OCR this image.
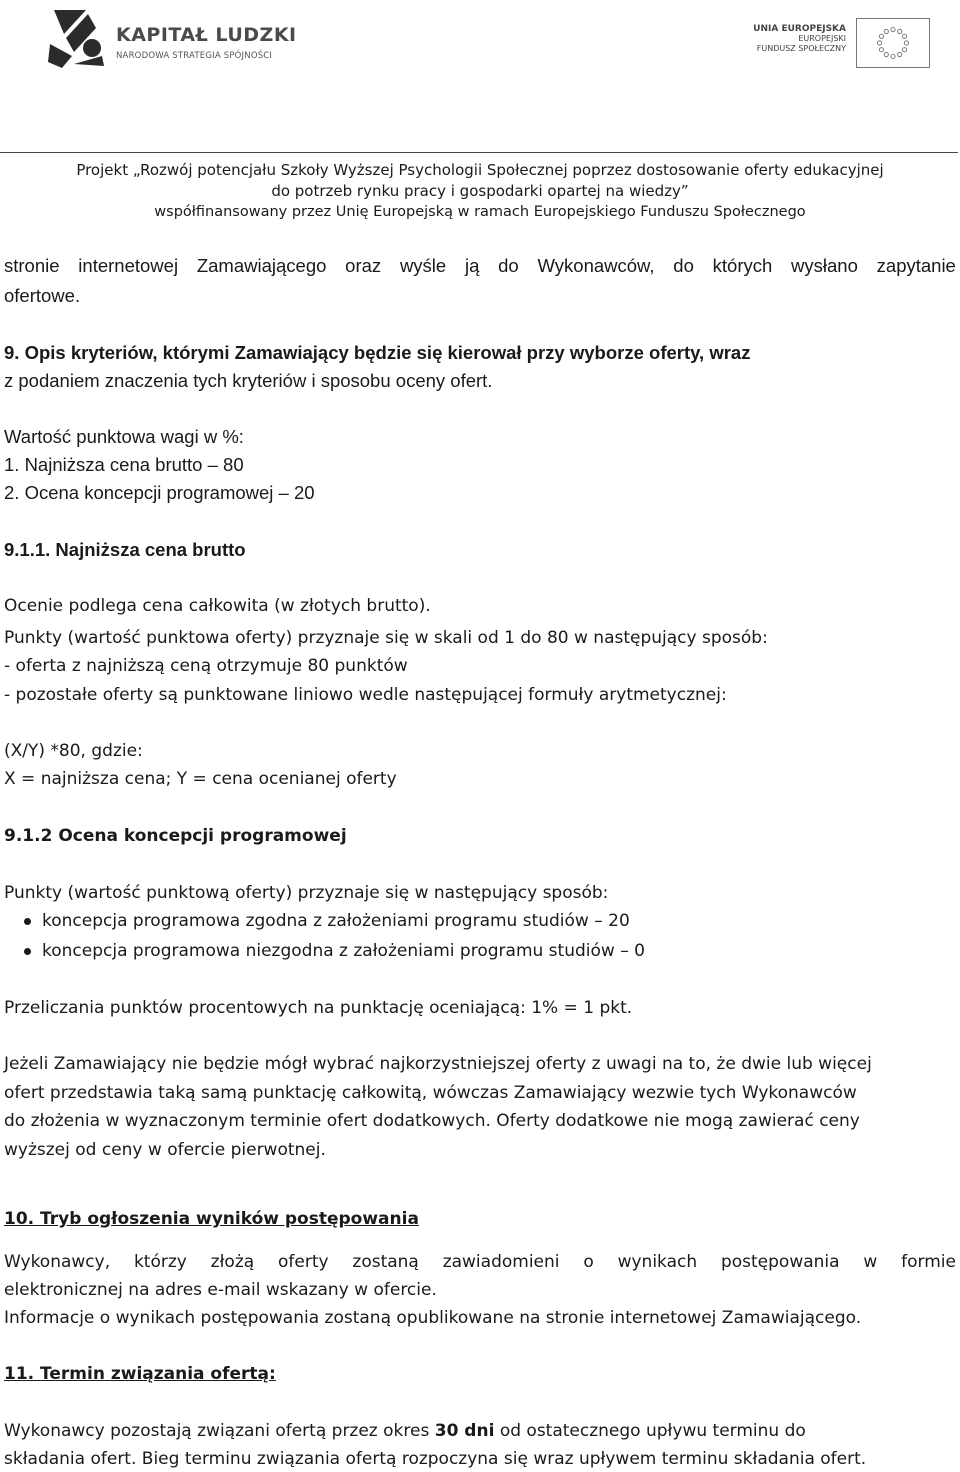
KAPITAŁ LUDZKI
NARODOWA STRATEGIA SPÓJNOŚCI
UNIA EUROPEJSKA
EUROPEJSKI
FUNDUSZ SPOŁECZNY
Projekt „Rozwój potencjału Szkoły Wyższej Psychologii Społecznej poprzez dostosowanie oferty edukacyjnej
do potrzeb rynku pracy i gospodarki opartej na wiedzy”
współfinansowany przez Unię Europejską w ramach Europejskiego Funduszu Społecznego
stronie internetowej Zamawiającego oraz wyśle ją do Wykonawców, do których wysłano zapytanie

ofertowe.

9. Opis kryteriów, którymi Zamawiający będzie się kierował przy wyborze oferty, wraz

z podaniem znaczenia tych kryteriów i sposobu oceny ofert.

Wartość punktowa wagi w %:

1. Najniższa cena brutto – 80

2. Ocena koncepcji programowej – 20

9.1.1. Najniższa cena brutto

Ocenie podlega cena całkowita (w złotych brutto).

Punkty (wartość punktowa oferty) przyznaje się w skali od 1 do 80 w następujący sposób:

- oferta z najniższą ceną otrzymuje 80 punktów

- pozostałe oferty są punktowane liniowo wedle następującej formuły arytmetycznej:

(X/Y) *80, gdzie:

X = najniższa cena; Y = cena ocenianej oferty

9.1.2 Ocena koncepcji programowej

Punkty (wartość punktową oferty) przyznaje się w następujący sposób:

koncepcja programowa zgodna z założeniami programu studiów – 20

koncepcja programowa niezgodna z założeniami programu studiów – 0

Przeliczania punktów procentowych na punktację oceniającą: 1% = 1 pkt.

Jeżeli Zamawiający nie będzie mógł wybrać najkorzystniejszej oferty z uwagi na to, że dwie lub więcej

ofert przedstawia taką samą punktację całkowitą, wówczas Zamawiający wezwie tych Wykonawców

do złożenia w wyznaczonym terminie ofert dodatkowych. Oferty dodatkowe nie mogą zawierać ceny

wyższej od ceny w ofercie pierwotnej.

10. Tryb ogłoszenia wyników postępowania

Wykonawcy, którzy złożą oferty zostaną zawiadomieni o wynikach postępowania w formie

elektronicznej na adres e-mail wskazany w ofercie.

Informacje o wynikach postępowania zostaną opublikowane na stronie internetowej Zamawiającego.

11. Termin związania ofertą:

Wykonawcy pozostają związani ofertą przez okres 30 dni od ostatecznego upływu terminu do

składania ofert. Bieg terminu związania ofertą rozpoczyna się wraz upływem terminu składania ofert.
